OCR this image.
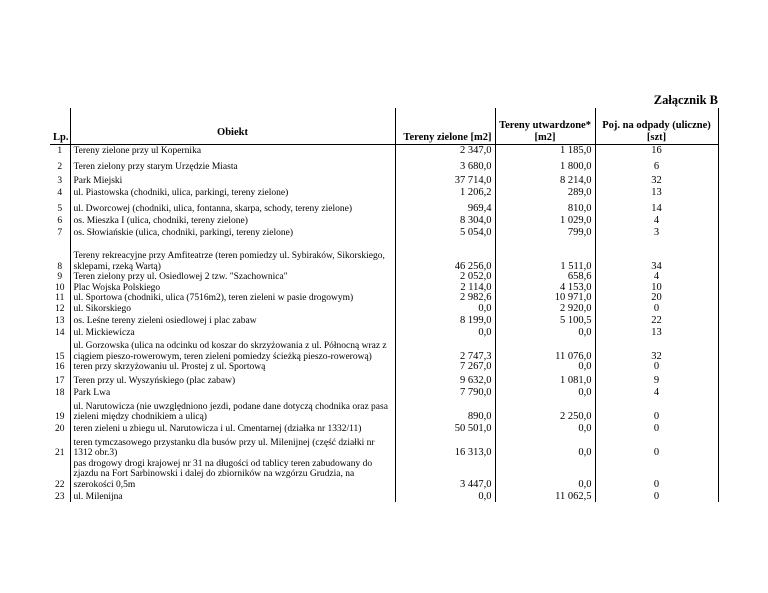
Załącznik B
Lp.	Obiekt	Tereny zielone [m2]	Tereny utwardzone* [m2]	Poj. na odpady (uliczne) [szt]
1	Tereny zielone przy ul Kopernika	2 347,0	1 185,0	16
2	Teren zielony przy starym Urzędzie Miasta	3 680,0	1 800,0	6
3	Park Miejski	37 714,0	8 214,0	32
4	ul. Piastowska (chodniki, ulica, parkingi, tereny zielone)	1 206,2	289,0	13
5	ul. Dworcowej (chodniki, ulica, fontanna, skarpa, schody, tereny zielone)	969,4	810,0	14
6	os. Mieszka I (ulica, chodniki, tereny zielone)	8 304,0	1 029,0	4
7	os. Słowiańskie (ulica, chodniki, parkingi, tereny zielone)	5 054,0	799,0	3
8	Tereny rekreacyjne przy Amfiteatrze (teren pomiedzy ul. Sybiraków, Sikorskiego, sklepami, rzeką Wartą)	46 256,0	1 511,0	34
9	Teren zielony przy ul. Osiedlowej 2 tzw. "Szachownica"	2 052,0	658,6	4
10	Plac Wojska Polskiego	2 114,0	4 153,0	10
11	ul. Sportowa (chodniki, ulica (7516m2), teren zieleni w pasie drogowym)	2 982,6	10 971,0	20
12	ul. Sikorskiego	0,0	2 920,0	0
13	os. Leśne tereny zieleni osiedlowej i plac zabaw	8 199,0	5 100,5	22
14	ul. Mickiewicza	0,0	0,0	13
15	ul. Gorzowska (ulica na odcinku od koszar do skrzyżowania z ul. Północną wraz z ciągiem pieszo-rowerowym, teren zieleni pomiedzy ścieżką pieszo-rowerową)	2 747,3	11 076,0	32
16	teren przy skrzyżowaniu ul. Prostej z ul. Sportową	7 267,0	0,0	0
17	Teren przy ul. Wyszyńskiego (plac zabaw)	9 632,0	1 081,0	9
18	Park Lwa	7 790,0	0,0	4
19	ul. Narutowicza (nie uwzględniono jezdi, podane dane dotyczą chodnika oraz pasa zieleni między chodnikiem a ulicą)	890,0	2 250,0	0
20	teren zieleni u zbiegu ul. Narutowicza i ul. Cmentarnej (działka nr 1332/11)	50 501,0	0,0	0
21	teren tymczasowego przystanku dla busów przy ul. Milenijnej (część działki nr 1312 obr.3)	16 313,0	0,0	0
22	pas drogowy drogi krajowej nr 31 na długości od tablicy teren zabudowany do zjazdu na Fort Sarbinowski i dalej do zbiorników na wzgórzu Grudzia, na szerokości 0,5m	3 447,0	0,0	0
23	ul. Milenijna	0,0	11 062,5	0
